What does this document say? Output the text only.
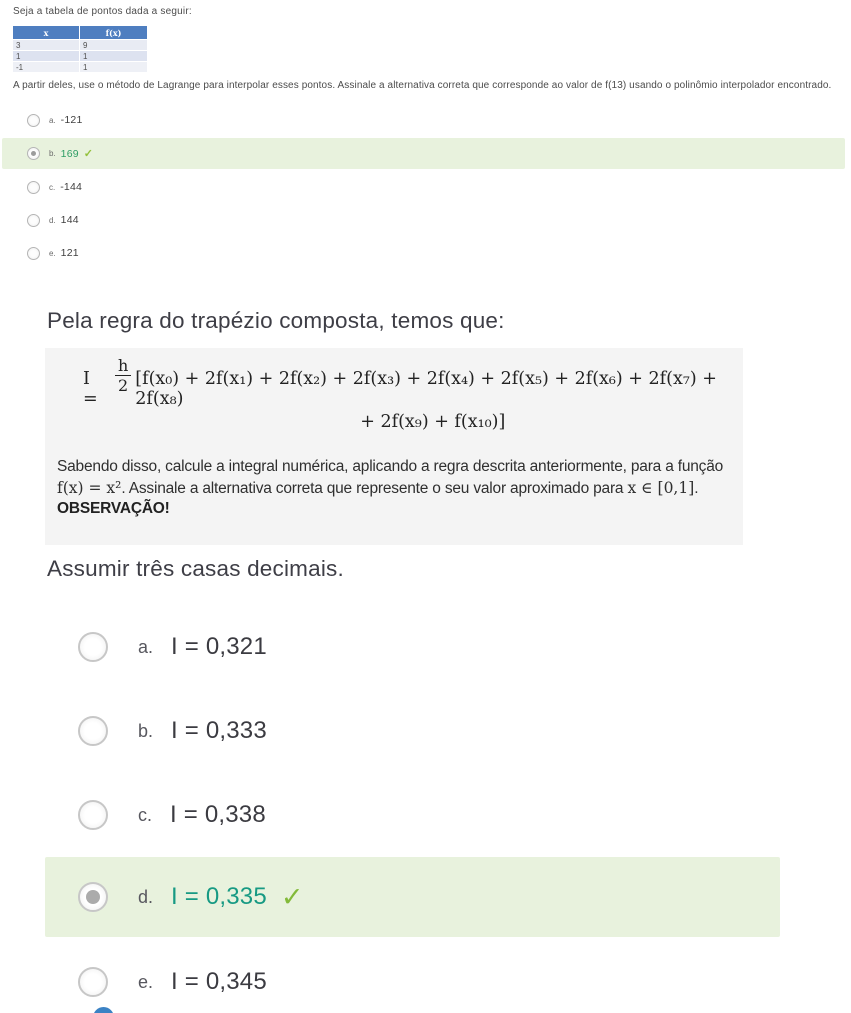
Seja a tabela de pontos dada a seguir:
x	f(x)
3	9
1	1
-1	1
A partir deles, use o método de Lagrange para interpolar esses pontos. Assinale a alternativa correta que corresponde ao valor de f(13) usando o polinômio interpolador encontrado.
a. -121
b. 169 ✓
c. -144
d. 144
e. 121
Pela regra do trapézio composta, temos que:
I =
$\frac{h}{2} [f(x_0) + 2f(x_1) + 2f(x_2) + 2f(x_3) + 2f(x_4) + 2f(x_5) + 2f(x_6) + 2f(x_7) + 2f(x_8)$
+ 2f(x₉) + f(x₁₀)]
Sabendo disso, calcule a integral numérica, aplicando a regra descrita anteriormente, para a função f(x) = x². Assinale a alternativa correta que represente o seu valor aproximado para x ∈ [0,1].
OBSERVAÇÃO!
Assumir três casas decimais.
a. I = 0,321
b. I = 0,333
c. I = 0,338
d. I = 0,335 ✓
e. I = 0,345
